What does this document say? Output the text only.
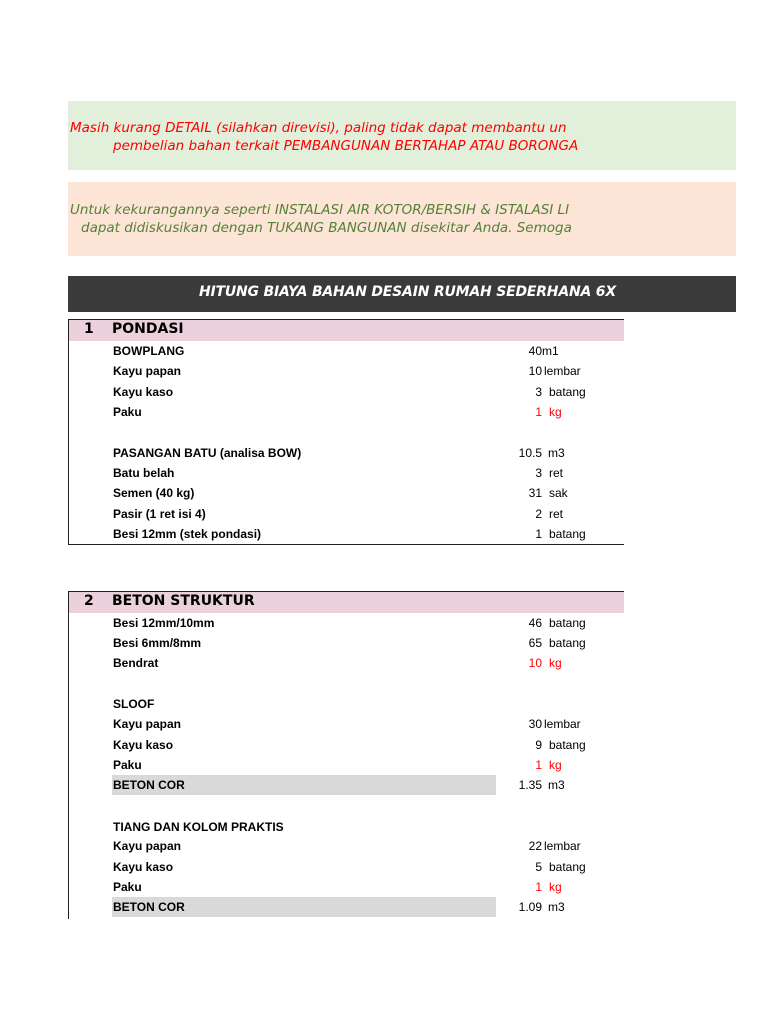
Masih kurang DETAIL (silahkan direvisi), paling tidak dapat membantu un
pembelian bahan terkait PEMBANGUNAN BERTAHAP ATAU BORONGA
Untuk kekurangannya seperti INSTALASI AIR KOTOR/BERSIH & ISTALASI LI
dapat didiskusikan dengan TUKANG BANGUNAN disekitar Anda. Semoga
HITUNG BIAYA BAHAN DESAIN RUMAH SEDERHANA 6X
1 PONDASI
BOWPLANG	40 m1
Kayu papan	10 lembar
Kayu kaso	3 batang
Paku	1 kg
PASANGAN BATU (analisa BOW)	10.5 m3
Batu belah	3 ret
Semen (40 kg)	31 sak
Pasir (1 ret isi 4)	2 ret
Besi 12mm (stek pondasi)	1 batang
2 BETON STRUKTUR
Besi 12mm/10mm	46 batang
Besi 6mm/8mm	65 batang
Bendrat	10 kg
SLOOF
Kayu papan	30 lembar
Kayu kaso	9 batang
Paku	1 kg
BETON COR	1.35 m3
TIANG DAN KOLOM PRAKTIS
Kayu papan	22 lembar
Kayu kaso	5 batang
Paku	1 kg
BETON COR	1.09 m3
